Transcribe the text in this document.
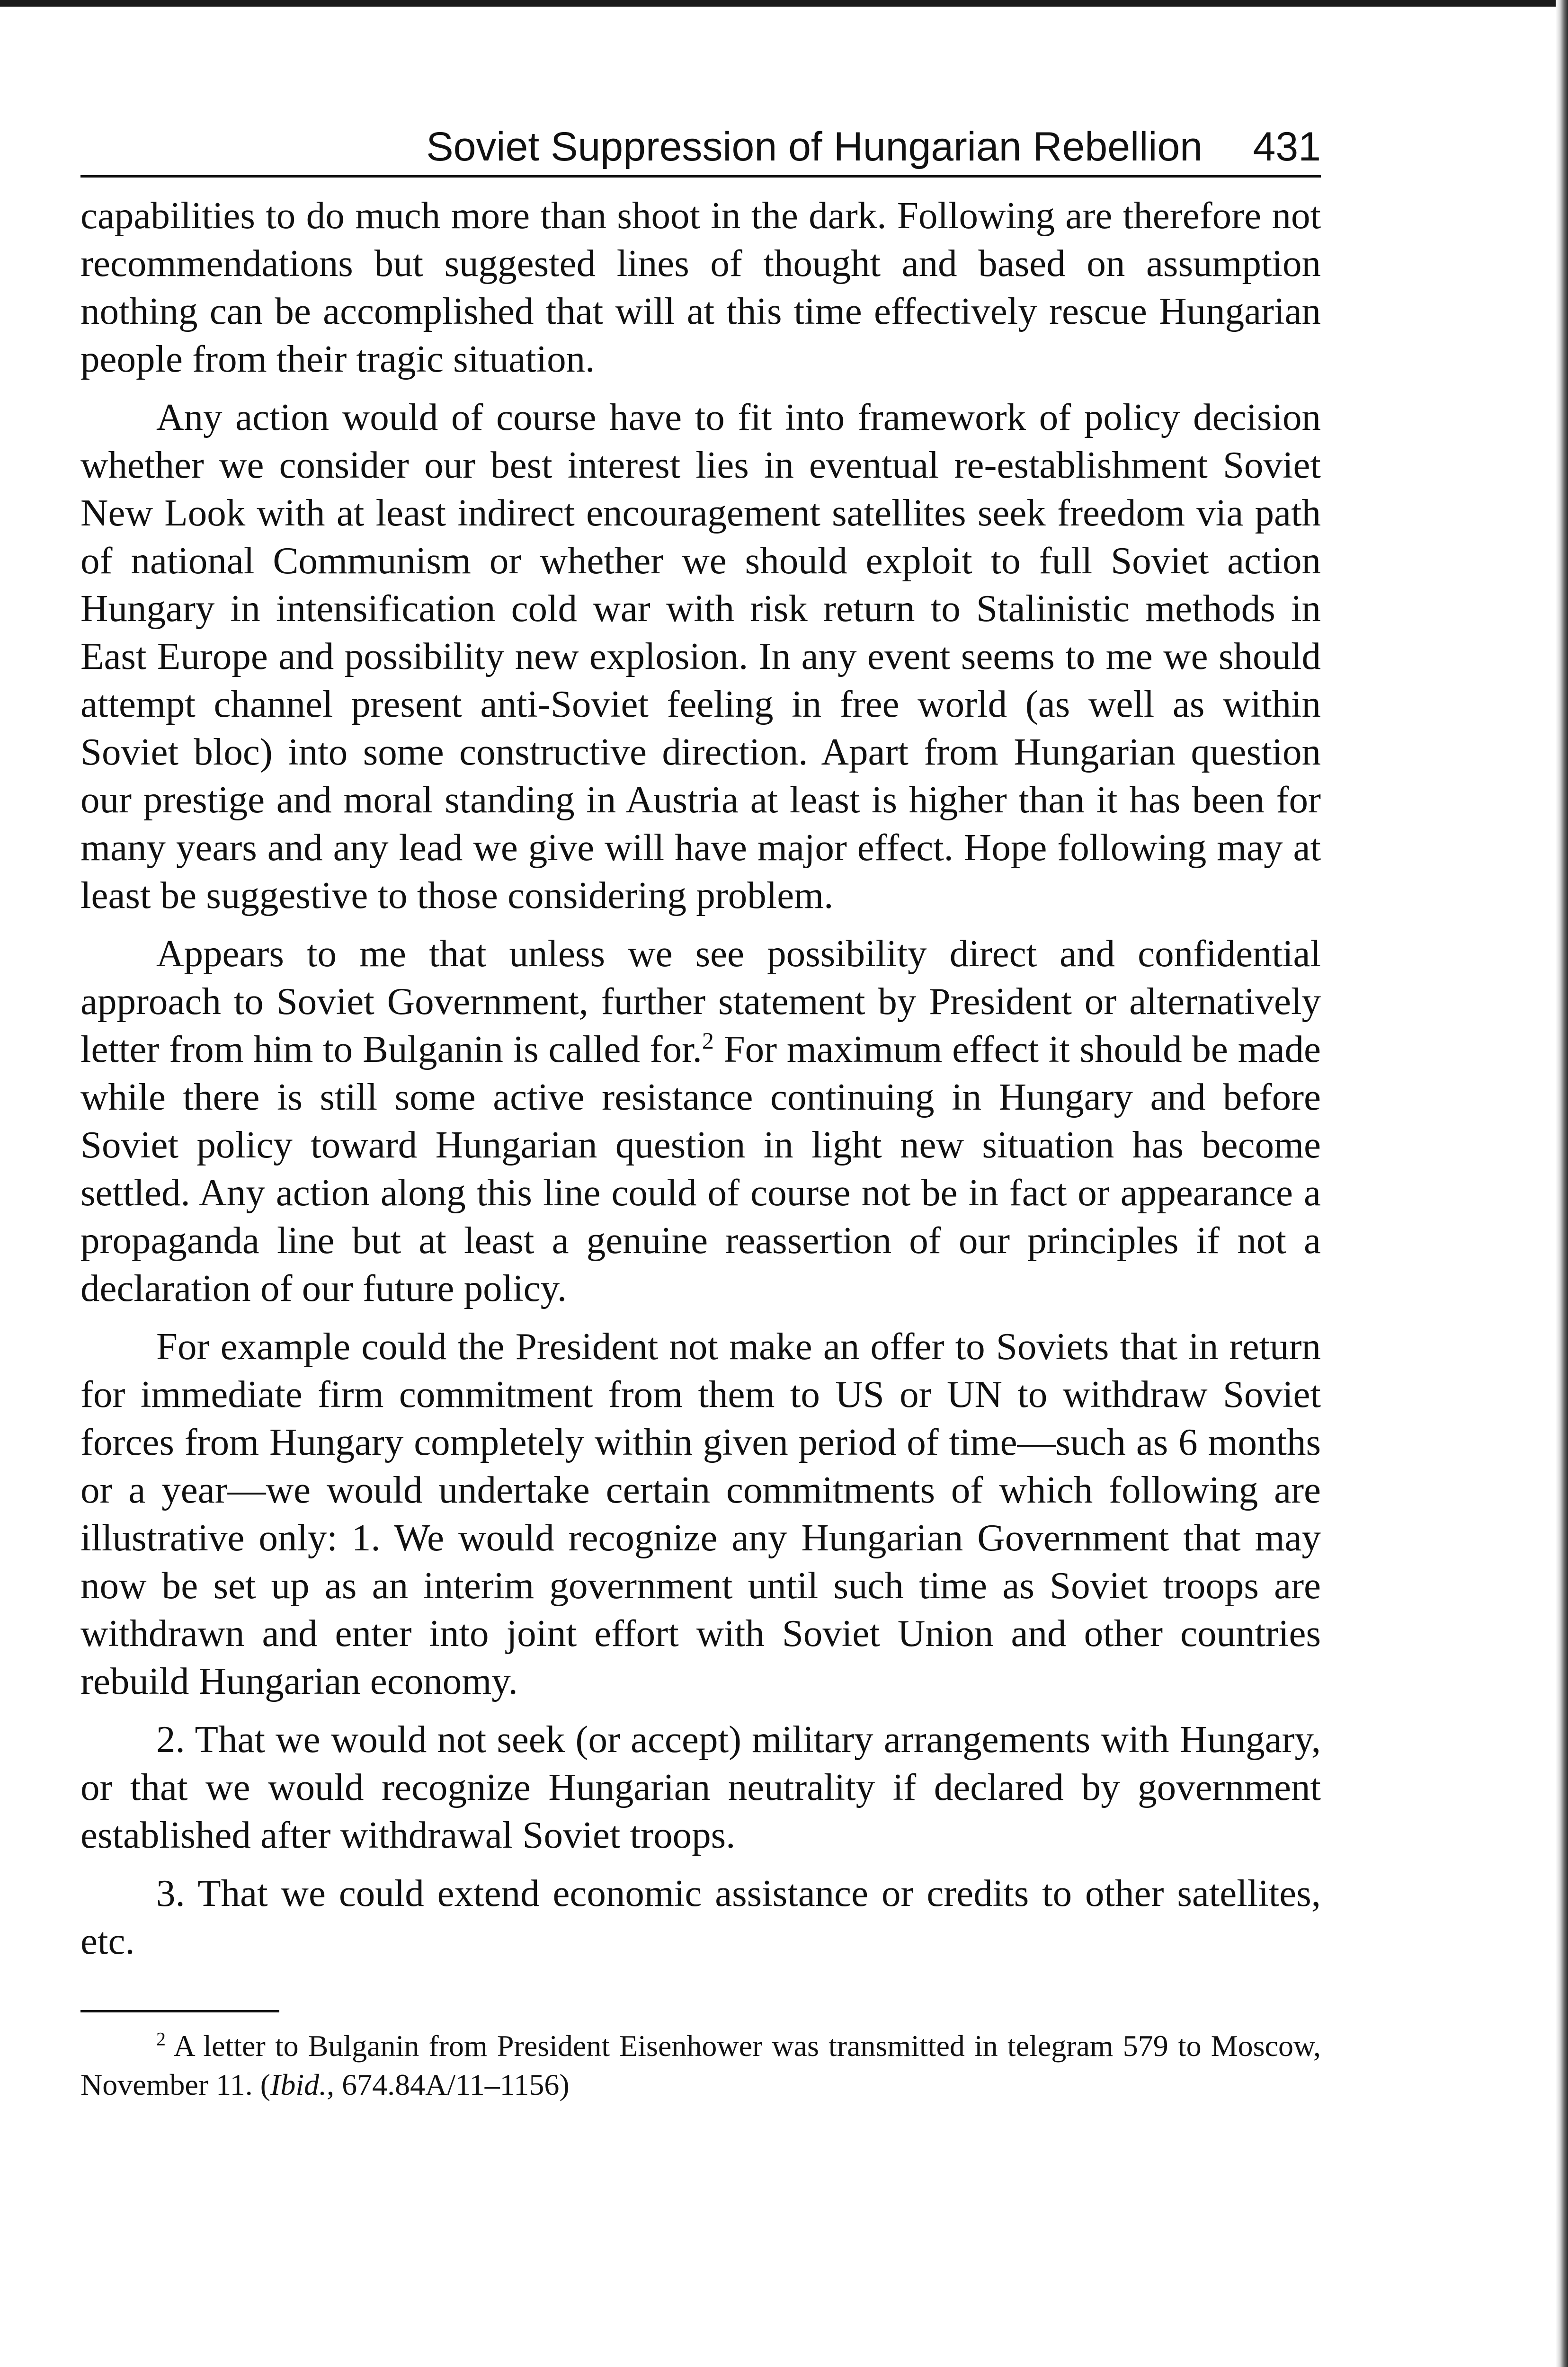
Soviet Suppression of Hungarian Rebellion 431

capabilities to do much more than shoot in the dark. Following are therefore not recommendations but suggested lines of thought and based on assumption nothing can be accomplished that will at this time effectively rescue Hungarian people from their tragic situation.

Any action would of course have to fit into framework of policy decision whether we consider our best interest lies in eventual re-establishment Soviet New Look with at least indirect encouragement satellites seek freedom via path of national Communism or whether we should exploit to full Soviet action Hungary in intensification cold war with risk return to Stalinistic methods in East Europe and possibility new explosion. In any event seems to me we should attempt channel present anti-Soviet feeling in free world (as well as within Soviet bloc) into some constructive direction. Apart from Hungarian question our prestige and moral standing in Austria at least is higher than it has been for many years and any lead we give will have major effect. Hope following may at least be suggestive to those considering problem.

Appears to me that unless we see possibility direct and confidential approach to Soviet Government, further statement by President or alternatively letter from him to Bulganin is called for.$^2$ For maximum effect it should be made while there is still some active resistance continuing in Hungary and before Soviet policy toward Hungarian question in light new situation has become settled. Any action along this line could of course not be in fact or appearance a propaganda line but at least a genuine reassertion of our principles if not a declaration of our future policy.

For example could the President not make an offer to Soviets that in return for immediate firm commitment from them to US or UN to withdraw Soviet forces from Hungary completely within given period of time—such as 6 months or a year—we would undertake certain commitments of which following are illustrative only: 1. We would recognize any Hungarian Government that may now be set up as an interim government until such time as Soviet troops are withdrawn and enter into joint effort with Soviet Union and other countries rebuild Hungarian economy.

2. That we would not seek (or accept) military arrangements with Hungary, or that we would recognize Hungarian neutrality if declared by government established after withdrawal Soviet troops.

3. That we could extend economic assistance or credits to other satellites, etc.

$^2$ A letter to Bulganin from President Eisenhower was transmitted in telegram 579 to Moscow, November 11. (Ibid., 674.84A/11–1156)
